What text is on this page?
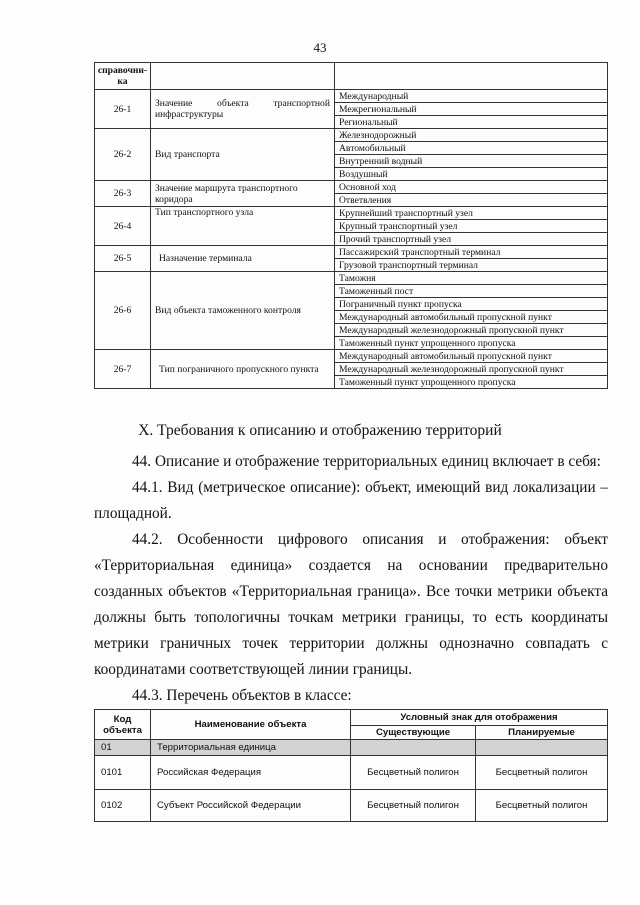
43
справочни-ка		
26-1	Значение объекта транспортной инфраструктуры	Международный
		Межрегиональный
		Региональный
26-2	Вид транспорта	Железнодорожный
		Автомобильный
		Внутренний водный
		Воздушный
26-3	Значение маршрута транспортного коридора	Основной ход
		Ответвления
26-4	Тип транспортного узла	Крупнейший транспортный узел
		Крупный транспортный узел
		Прочий транспортный узел
26-5	Назначение терминала	Пассажирский транспортный терминал
		Грузовой транспортный терминал
26-6	Вид объекта таможенного контроля	Таможня
		Таможенный пост
		Пограничный пункт пропуска
		Международный автомобильный пропускной пункт
		Международный железнодорожный пропускной пункт
		Таможенный пункт упрощенного пропуска
26-7	Тип пограничного пропускного пункта	Международный автомобильный пропускной пункт
		Международный железнодорожный пропускной пункт
		Таможенный пункт упрощенного пропуска
X. Требования к описанию и отображению территорий
44. Описание и отображение территориальных единиц включает в себя:
44.1. Вид (метрическое описание): объект, имеющий вид локализации – площадной.
44.2. Особенности цифрового описания и отображения: объект «Территориальная единица» создается на основании предварительно созданных объектов «Территориальная граница». Все точки метрики объекта должны быть топологичны точкам метрики границы, то есть координаты метрики граничных точек территории должны однозначно совпадать с координатами соответствующей линии границы.
44.3. Перечень объектов в классе:
Код объекта	Наименование объекта	Условный знак для отображения	
		Существующие	Планируемые
01	Территориальная единица		
0101	Российская Федерация	Бесцветный полигон	Бесцветный полигон
0102	Субъект Российской Федерации	Бесцветный полигон	Бесцветный полигон
